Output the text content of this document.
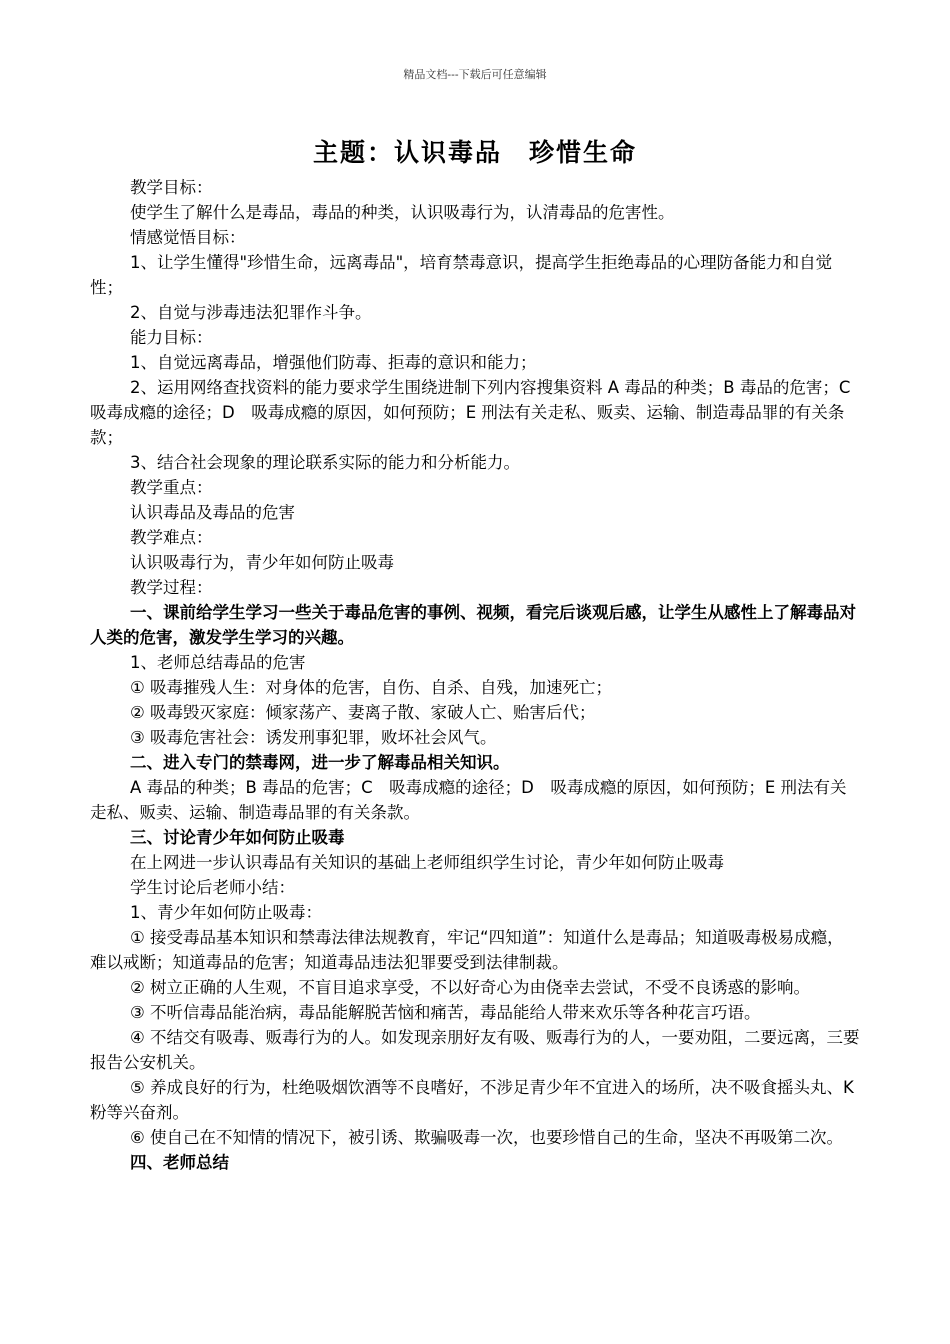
精品文档---下载后可任意编辑
主题：认识毒品　珍惜生命

教学目标：

使学生了解什么是毒品，毒品的种类，认识吸毒行为，认清毒品的危害性。

情感觉悟目标：

1、让学生懂得"珍惜生命，远离毒品"，培育禁毒意识，提高学生拒绝毒品的心理防备能力和自觉性；

2、自觉与涉毒违法犯罪作斗争。

能力目标：

1、自觉远离毒品，增强他们防毒、拒毒的意识和能力；

2、运用网络查找资料的能力要求学生围绕进制下列内容搜集资料 A 毒品的种类；B 毒品的危害；C　吸毒成瘾的途径；D　吸毒成瘾的原因，如何预防；E 刑法有关走私、贩卖、运输、制造毒品罪的有关条款；

3、结合社会现象的理论联系实际的能力和分析能力。

教学重点：

认识毒品及毒品的危害

教学难点：

认识吸毒行为，青少年如何防止吸毒

教学过程：

一、课前给学生学习一些关于毒品危害的事例、视频，看完后谈观后感，让学生从感性上了解毒品对人类的危害，激发学生学习的兴趣。

1、老师总结毒品的危害

① 吸毒摧残人生：对身体的危害，自伤、自杀、自残，加速死亡；

② 吸毒毁灭家庭：倾家荡产、妻离子散、家破人亡、贻害后代；

③ 吸毒危害社会：诱发刑事犯罪，败坏社会风气。

二、进入专门的禁毒网，进一步了解毒品相关知识。

A 毒品的种类；B 毒品的危害；C　吸毒成瘾的途径；D　吸毒成瘾的原因，如何预防；E 刑法有关走私、贩卖、运输、制造毒品罪的有关条款。

三、讨论青少年如何防止吸毒

在上网进一步认识毒品有关知识的基础上老师组织学生讨论，青少年如何防止吸毒

学生讨论后老师小结：

1、青少年如何防止吸毒：

① 接受毒品基本知识和禁毒法律法规教育，牢记“四知道”：知道什么是毒品；知道吸毒极易成瘾，难以戒断；知道毒品的危害；知道毒品违法犯罪要受到法律制裁。

② 树立正确的人生观，不盲目追求享受，不以好奇心为由侥幸去尝试，不受不良诱惑的影响。

③ 不听信毒品能治病，毒品能解脱苦恼和痛苦，毒品能给人带来欢乐等各种花言巧语。

④ 不结交有吸毒、贩毒行为的人。如发现亲朋好友有吸、贩毒行为的人，一要劝阻，二要远离，三要报告公安机关。

⑤ 养成良好的行为，杜绝吸烟饮酒等不良嗜好，不涉足青少年不宜进入的场所，决不吸食摇头丸、K 粉等兴奋剂。

⑥ 使自己在不知情的情况下，被引诱、欺骗吸毒一次，也要珍惜自己的生命，坚决不再吸第二次。

四、老师总结
